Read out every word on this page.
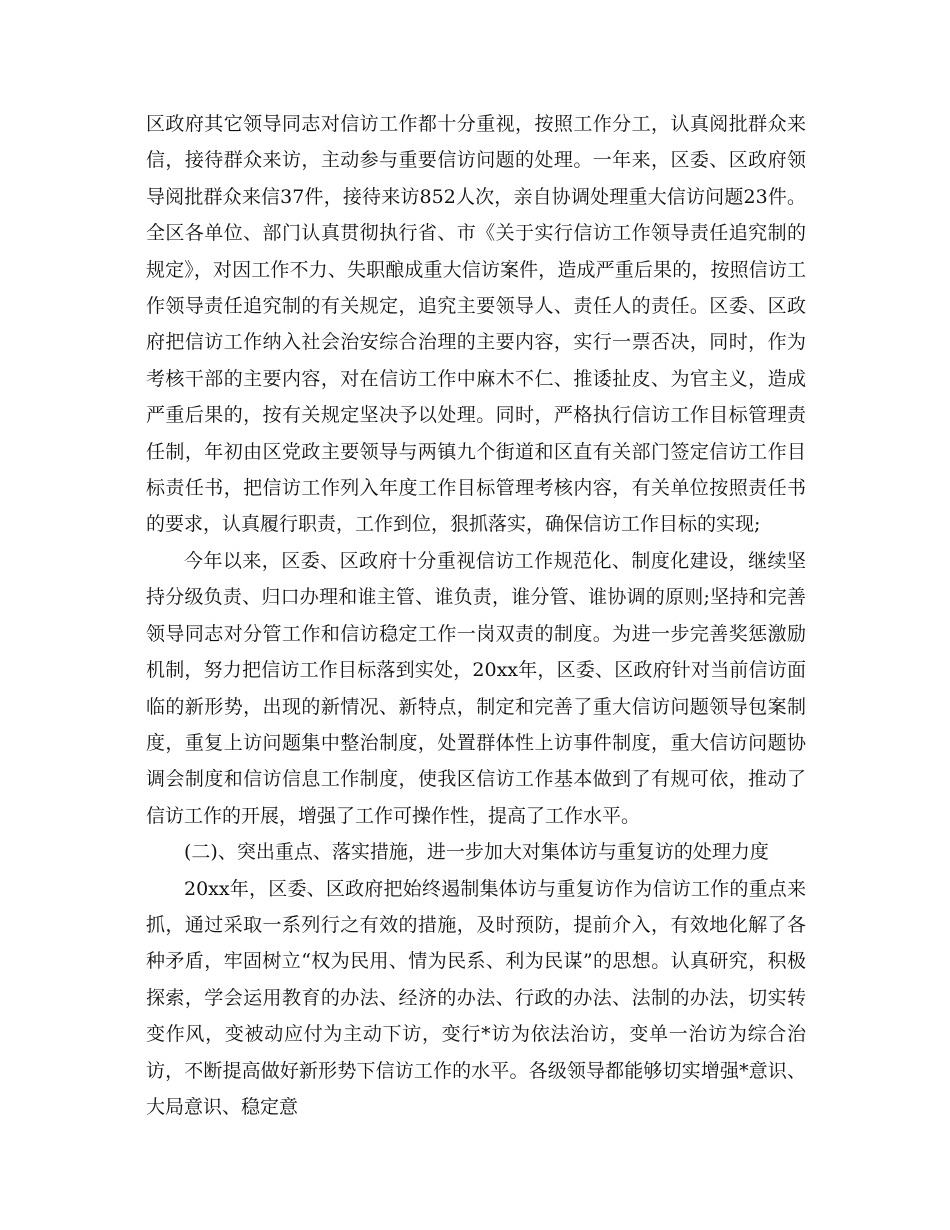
区政府其它领导同志对信访工作都十分重视，按照工作分工，认真阅批群众来信，接待群众来访，主动参与重要信访问题的处理。一年来，区委、区政府领导阅批群众来信37件，接待来访852人次，亲自协调处理重大信访问题23件。全区各单位、部门认真贯彻执行省、市《关于实行信访工作领导责任追究制的规定》，对因工作不力、失职酿成重大信访案件，造成严重后果的，按照信访工作领导责任追究制的有关规定，追究主要领导人、责任人的责任。区委、区政府把信访工作纳入社会治安综合治理的主要内容，实行一票否决，同时，作为考核干部的主要内容，对在信访工作中麻木不仁、推诿扯皮、为官主义，造成严重后果的，按有关规定坚决予以处理。同时，严格执行信访工作目标管理责任制，年初由区党政主要领导与两镇九个街道和区直有关部门签定信访工作目标责任书，把信访工作列入年度工作目标管理考核内容，有关单位按照责任书的要求，认真履行职责，工作到位，狠抓落实，确保信访工作目标的实现;

今年以来，区委、区政府十分重视信访工作规范化、制度化建设，继续坚持分级负责、归口办理和谁主管、谁负责，谁分管、谁协调的原则;坚持和完善领导同志对分管工作和信访稳定工作一岗双责的制度。为进一步完善奖惩激励机制，努力把信访工作目标落到实处，20xx年，区委、区政府针对当前信访面临的新形势，出现的新情况、新特点，制定和完善了重大信访问题领导包案制度，重复上访问题集中整治制度，处置群体性上访事件制度，重大信访问题协调会制度和信访信息工作制度，使我区信访工作基本做到了有规可依，推动了信访工作的开展，增强了工作可操作性，提高了工作水平。

(二)、突出重点、落实措施，进一步加大对集体访与重复访的处理力度

20xx年，区委、区政府把始终遏制集体访与重复访作为信访工作的重点来抓，通过采取一系列行之有效的措施，及时预防，提前介入，有效地化解了各种矛盾，牢固树立“权为民用、情为民系、利为民谋”的思想。认真研究，积极探索，学会运用教育的办法、经济的办法、行政的办法、法制的办法，切实转变作风，变被动应付为主动下访，变行*访为依法治访，变单一治访为综合治访，不断提高做好新形势下信访工作的水平。各级领导都能够切实增强*意识、大局意识、稳定意
